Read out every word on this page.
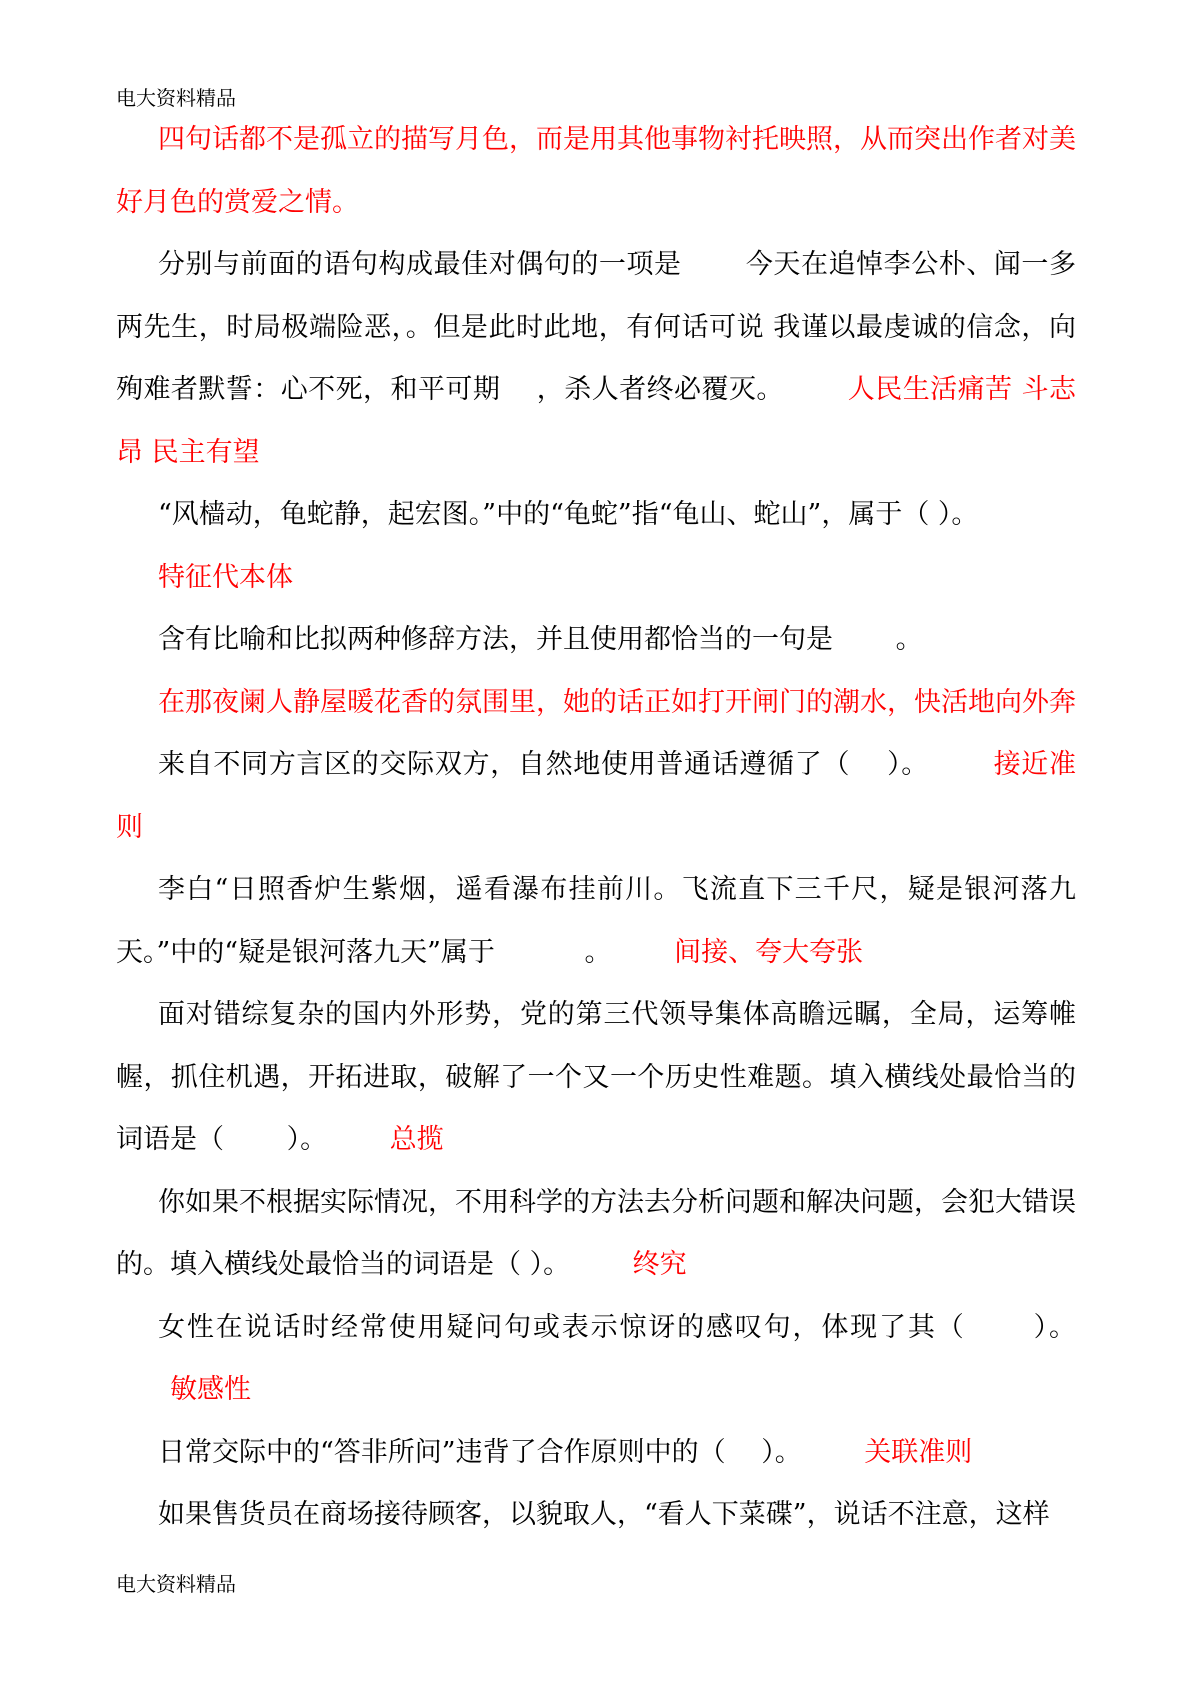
电大资料精品

四句话都不是孤立的描写月色，而是用其他事物衬托映照，从而突出作者对美好月色的赏爱之情。

分别与前面的语句构成最佳对偶句的一项是 　　今天在追悼李公朴、闻一多两先生，时局极端险恶，。但是此时此地，有何话可说 我谨以最虔诚的信念，向殉难者默誓：心不死，和平可期 　，杀人者终必覆灭。 　　人民生活痛苦 斗志昂 民主有望

“风樯动，龟蛇静，起宏图。”中的“龟蛇”指“龟山、蛇山”，属于（ ）。

特征代本体

含有比喻和比拟两种修辞方法，并且使用都恰当的一句是 　　。

在那夜阑人静屋暖花香的氛围里，她的话正如打开闸门的潮水，快活地向外奔

来自不同方言区的交际双方，自然地使用普通话遵循了（ 　）。 　　接近准则

李白“日照香炉生紫烟，遥看瀑布挂前川。飞流直下三千尺，疑是银河落九天。”中的“疑是银河落九天”属于 　　　。 　　间接、夸大夸张

面对错综复杂的国内外形势，党的第三代领导集体高瞻远瞩，全局，运筹帷幄，抓住机遇，开拓进取，破解了一个又一个历史性难题。填入横线处最恰当的词语是（ 　　）。 　　总揽

你如果不根据实际情况，不用科学的方法去分析问题和解决问题，会犯大错误的。填入横线处最恰当的词语是（ ）。 　　终究

女性在说话时经常使用疑问句或表示惊讶的感叹句，体现了其（ 　　）。 　　敏感性

日常交际中的“答非所问”违背了合作原则中的（ 　）。 　　关联准则

如果售货员在商场接待顾客，以貌取人，“看人下菜碟”，说话不注意，这样

电大资料精品
